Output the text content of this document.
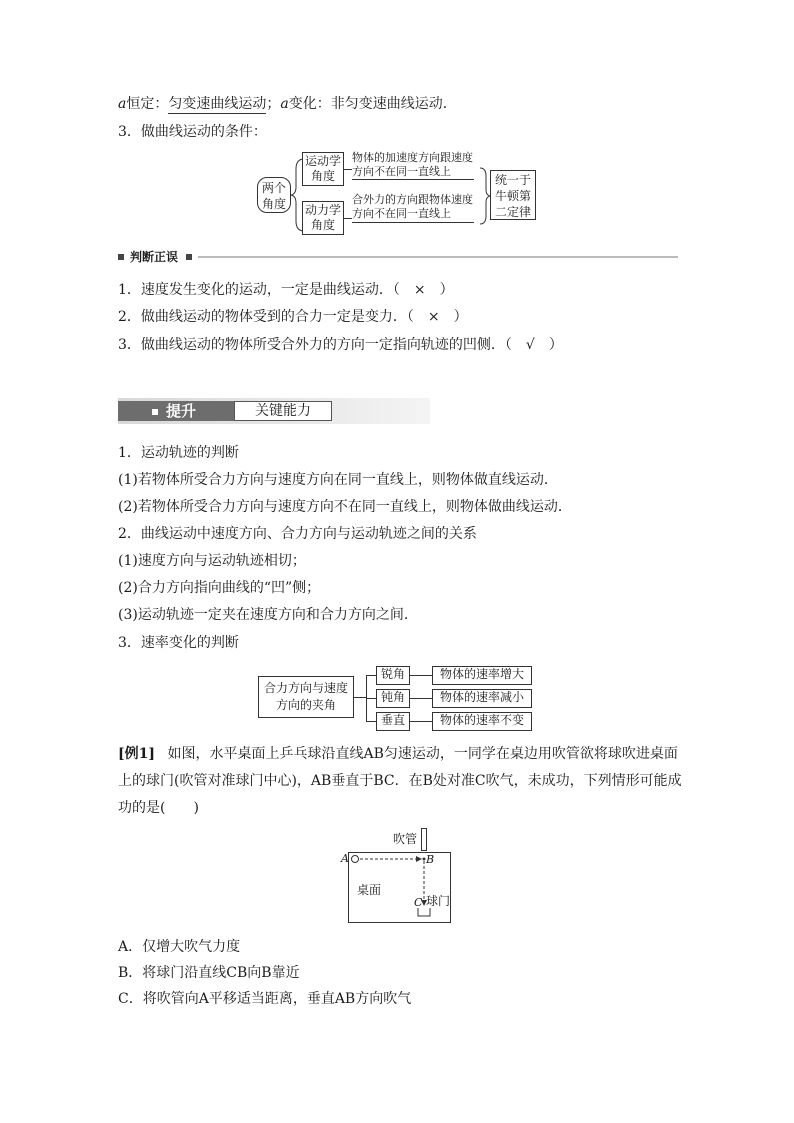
a恒定：匀变速曲线运动；a变化：非匀变速曲线运动．
3．做曲线运动的条件：
两个角度
运动学角度
动力学角度
物体的加速度方向跟速度
方向不在同一直线上
合外力的方向跟物体速度
方向不在同一直线上
统一于牛顿第二定律
判断正误
1．速度发生变化的运动，一定是曲线运动．（　×　）
2．做曲线运动的物体受到的合力一定是变力．（　×　）
3．做曲线运动的物体所受合外力的方向一定指向轨迹的凹侧．（　√　）
提升	关键能力
1．运动轨迹的判断
(1)若物体所受合力方向与速度方向在同一直线上，则物体做直线运动．
(2)若物体所受合力方向与速度方向不在同一直线上，则物体做曲线运动．
2．曲线运动中速度方向、合力方向与运动轨迹之间的关系
(1)速度方向与运动轨迹相切；
(2)合力方向指向曲线的“凹”侧；
(3)运动轨迹一定夹在速度方向和合力方向之间．
3．速率变化的判断
合力方向与速度方向的夹角
锐角
钝角
垂直
物体的速率增大
物体的速率减小
物体的速率不变
[例1] 如图，水平桌面上乒乓球沿直线AB匀速运动，一同学在桌边用吹管欲将球吹进桌面
上的球门(吹管对准球门中心)，AB垂直于BC．在B处对准C吹气，未成功，下列情形可能成
功的是(　　)
吹管
A	B
C
桌面
球门
A．仅增大吹气力度
B．将球门沿直线CB向B靠近
C．将吹管向A平移适当距离，垂直AB方向吹气
